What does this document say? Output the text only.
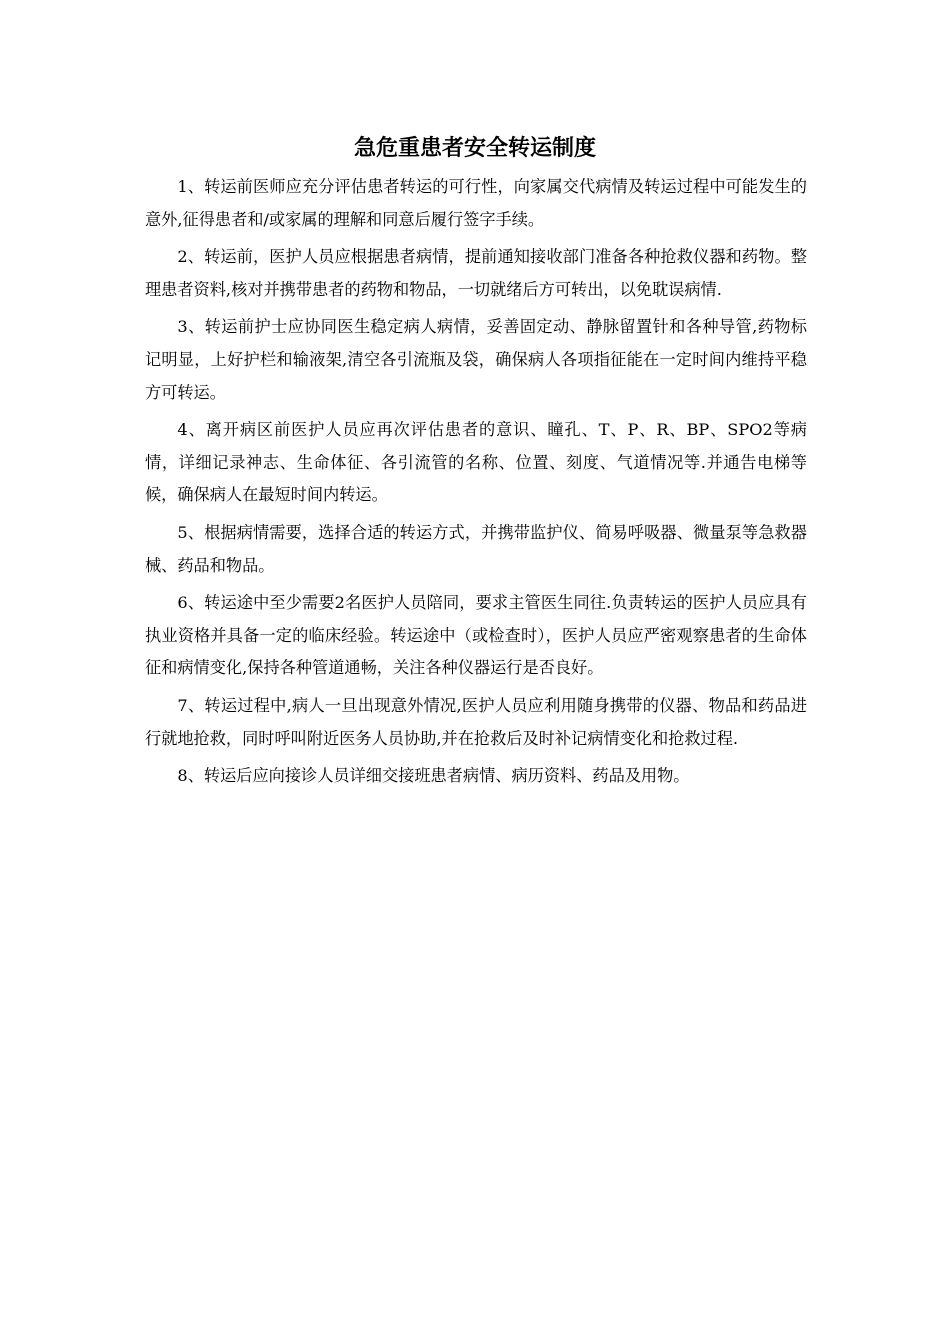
急危重患者安全转运制度

1、转运前医师应充分评估患者转运的可行性，向家属交代病情及转运过程中可能发生的意外,征得患者和/或家属的理解和同意后履行签字手续。

2、转运前，医护人员应根据患者病情，提前通知接收部门准备各种抢救仪器和药物。整理患者资料,核对并携带患者的药物和物品，一切就绪后方可转出，以免耽误病情.

3、转运前护士应协同医生稳定病人病情，妥善固定动、静脉留置针和各种导管,药物标记明显，上好护栏和输液架,清空各引流瓶及袋，确保病人各项指征能在一定时间内维持平稳方可转运。

4、离开病区前医护人员应再次评估患者的意识、瞳孔、T、P、R、BP、SPO2等病情，详细记录神志、生命体征、各引流管的名称、位置、刻度、气道情况等.并通告电梯等候，确保病人在最短时间内转运。

5、根据病情需要，选择合适的转运方式，并携带监护仪、简易呼吸器、微量泵等急救器械、药品和物品。

6、转运途中至少需要2名医护人员陪同，要求主管医生同往.负责转运的医护人员应具有执业资格并具备一定的临床经验。转运途中（或检查时），医护人员应严密观察患者的生命体征和病情变化,保持各种管道通畅，关注各种仪器运行是否良好。

7、转运过程中,病人一旦出现意外情况,医护人员应利用随身携带的仪器、物品和药品进行就地抢救，同时呼叫附近医务人员协助,并在抢救后及时补记病情变化和抢救过程.

8、转运后应向接诊人员详细交接班患者病情、病历资料、药品及用物。
